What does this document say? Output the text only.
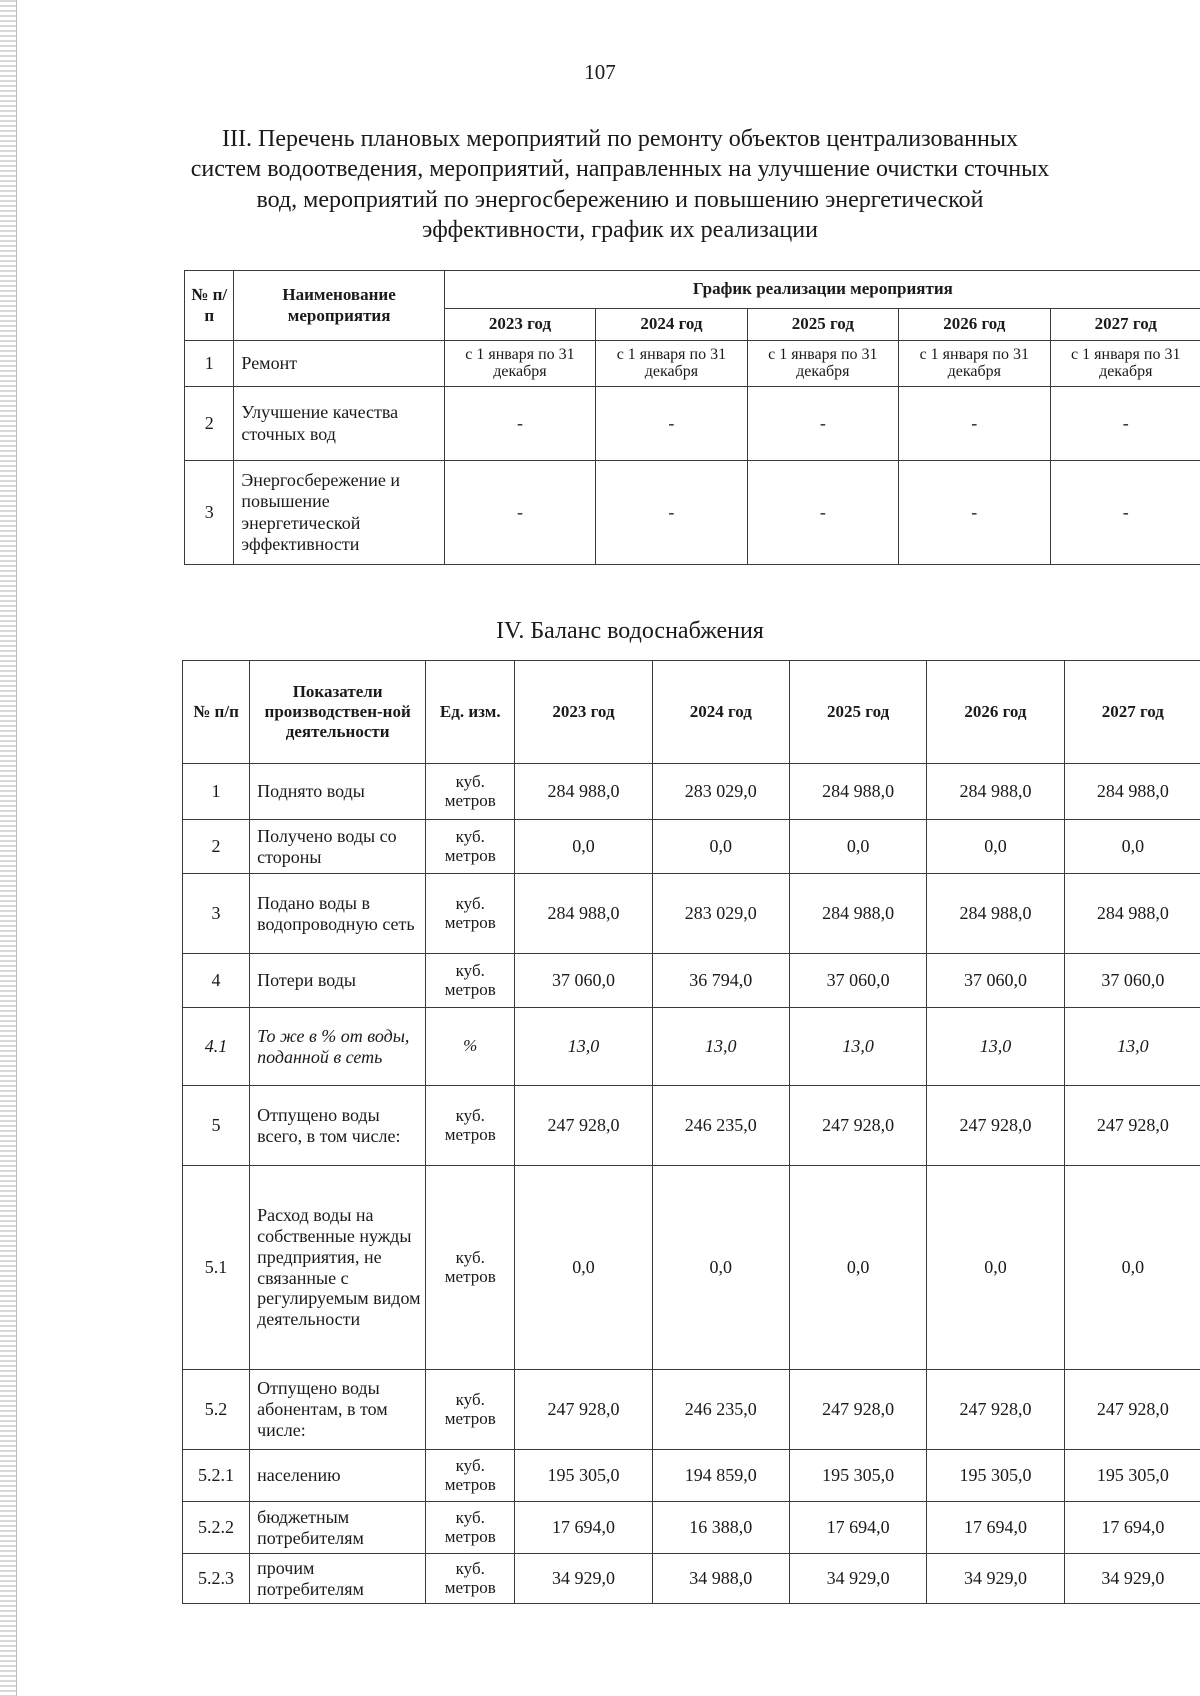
107
III. Перечень плановых мероприятий по ремонту объектов централизованных систем водоотведения, мероприятий, направленных на улучшение очистки сточных вод, мероприятий по энергосбережению и повышению энергетической эффективности, график их реализации
№ п/п	Наименование мероприятия	График реализации мероприятия				
		2023 год	2024 год	2025 год	2026 год	2027 год
1	Ремонт	с 1 января по 31 декабря	с 1 января по 31 декабря	с 1 января по 31 декабря	с 1 января по 31 декабря	с 1 января по 31 декабря
2	Улучшение качества сточных вод	-	-	-	-	-
3	Энергосбережение и повышение энергетической эффективности	-	-	-	-	-
IV. Баланс водоснабжения
№ п/п	Показатели производствен-ной деятельности	Ед. изм.	2023 год	2024 год	2025 год	2026 год	2027 год
1	Поднято воды	куб. метров	284 988,0	283 029,0	284 988,0	284 988,0	284 988,0
2	Получено воды со стороны	куб. метров	0,0	0,0	0,0	0,0	0,0
3	Подано воды в водопроводную сеть	куб. метров	284 988,0	283 029,0	284 988,0	284 988,0	284 988,0
4	Потери воды	куб. метров	37 060,0	36 794,0	37 060,0	37 060,0	37 060,0
4.1	То же в % от воды, поданной в сеть	%	13,0	13,0	13,0	13,0	13,0
5	Отпущено воды всего, в том числе:	куб. метров	247 928,0	246 235,0	247 928,0	247 928,0	247 928,0
5.1	Расход воды на собственные нужды предприятия, не связанные с регулируемым видом деятельности	куб. метров	0,0	0,0	0,0	0,0	0,0
5.2	Отпущено воды абонентам, в том числе:	куб. метров	247 928,0	246 235,0	247 928,0	247 928,0	247 928,0
5.2.1	населению	куб. метров	195 305,0	194 859,0	195 305,0	195 305,0	195 305,0
5.2.2	бюджетным потребителям	куб. метров	17 694,0	16 388,0	17 694,0	17 694,0	17 694,0
5.2.3	прочим потребителям	куб. метров	34 929,0	34 988,0	34 929,0	34 929,0	34 929,0
